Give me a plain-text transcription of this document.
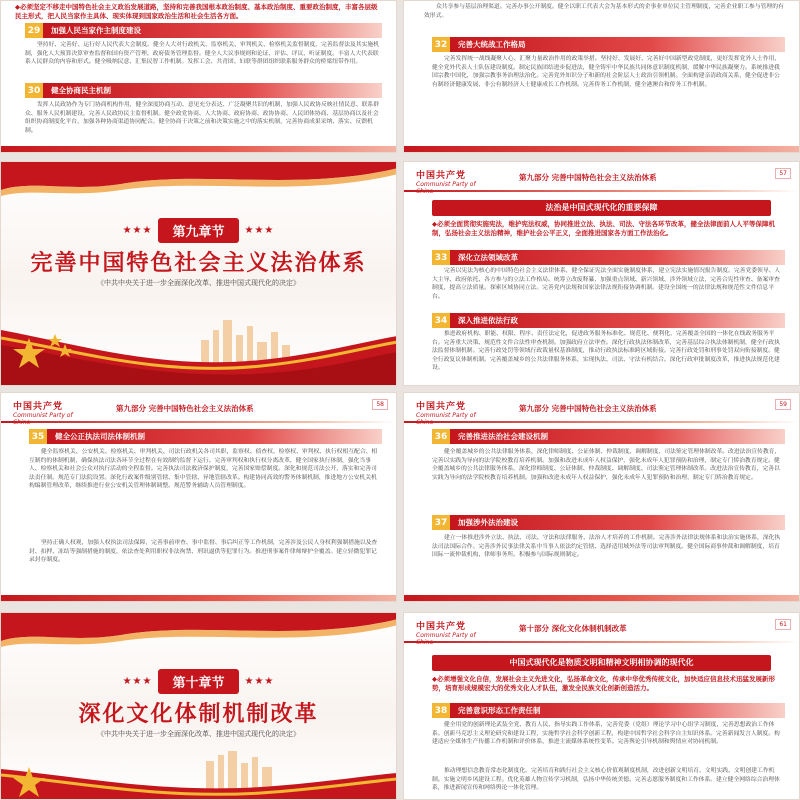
◆必须坚定不移走中国特色社会主义政治发展道路，坚持和完善我国根本政治制度、基本政治制度、重要政治制度，丰富各层级民主形式，把人民当家作主具体、现实体现到国家政治生活和社会生活各方面。
29	加强人民当家作主制度建设
坚持好、完善好、运行好人民代表大会制度。健全人大对行政机关、监察机关、审判机关、检察机关监督制度，完善监督法及其实施机制，强化人大预算决算审查监督和国有资产管理、政府债务管理监督。健全人大议事规则和论证、评估、评议、听证制度。丰富人大代表联系人民群众的内容和形式。健全吸纳民意、汇集民智工作机制。发挥工会、共青团、妇联等群团组织联系服务群众的桥梁纽带作用。
30	健全协商民主机制
发挥人民政协作为专门协商机构作用，健全深度协商互动、意见充分表达、广泛凝聚共识的机制，加强人民政协反映社情民意、联系群众、服务人民机制建设，完善人民政协民主监督机制。健全政党协商、人大协商、政府协商、政协协商、人民团体协商、基层协商以及社会组织协商制度化平台，加强各种协商渠道协同配合。健全协商于决策之前和决策实施之中的落实机制，完善协商成果采纳、落实、反馈机制。
众共享参与基层治理渠道。完善办事公开制度。健全以职工代表大会为基本形式的企事业单位民主管理制度，完善企业职工参与管理的有效形式。
32	完善大统战工作格局
完善发挥统一战线凝聚人心、汇聚力量政治作用的政策举措。坚持好、发展好、完善好中国新型政党制度，更好发挥党外人士作用，健全党外代表人士队伍建设制度。制定民族团结进步促进法，健全铸牢中华民族共同体意识制度机制，缓解中华民族凝聚力。系统推进我国宗教中国化，加强宗教事务治理法治化。完善党外知识分子和新的社会阶层人士政治引领机制。全面构建亲清政商关系，健全促进非公有制经济健康发展、非公有制经济人士健康成长工作机制。完善侨务工作机制，健全港澳台和侨务工作机制。
★★★	第九章节	★★★
完善中国特色社会主义法治体系
《中共中央关于进一步全面深化改革、推进中国式现代化的决定》
中国共产党
Communist Party of
第九部分 完善中国特色社会主义法治体系	57
法治是中国式现代化的重要保障
◆必须全面贯彻实施宪法，维护宪法权威，协同推进立法、执法、司法、守法各环节改革，健全法律面前人人平等保障机制，弘扬社会主义法治精神，维护社会公平正义，全面推进国家各方面工作法治化。
33	深化立法领域改革
完善以宪法为核心的中国特色社会主义法律体系，健全保证宪法全面实施制度体系，建立宪法实施情况报告制度。完善党委领导、人大主导、政府依托、各方参与的立法工作格局。统筹立改废释纂，加强重点领域、新兴领域、涉外领域立法，完善合宪性审查、备案审查制度，提高立法质量。探索区域协同立法。完善党内法规和国家法律法规衔接协调机制。建设全国统一的法律法规和规范性文件信息平台。
34	深入推进依法行政
推进政府机构、职能、权限、程序、责任法定化，促进政务服务标准化、规范化、便利化，完善覆盖全国的一体化在线政务服务平台。完善重大决策、规范性文件合法性审查机制。加强政府立法审查。深化行政执法体制改革，完善基层综合执法体制机制，健全行政执法监督体制机制。完善行政处罚等领域行政裁量权基准制度，推动行政执法标准跨区域衔接。完善行政处罚和刑事处罚双向衔接制度。健全行政复议体制机制。完善覆盖城乡的公共法律服务体系，实现执法、司法、守法有机结合。深化行政审批制度改革，推进执法规范化建设。
中国共产党
Communist Party of
第九部分 完善中国特色社会主义法治体系	58
35	健全公正执法司法体制机制
健全监察机关、公安机关、检察机关、审判机关、司法行政机关各司其职，监察权、侦查权、检察权、审判权、执行权相互配合、相互制约的体制机制，确保执法司法各环节全过程在有效制约监督下运行。完善审判权和执行权分离改革，健全国家执行体制，强化当事人、检察机关和社会公众对执行活动的全程监督。完善执法司法救济保护制度，完善国家赔偿制度。深化和规范司法公开，落实和完善司法责任制。规范专门法院设置。深化行政案件级别管辖、集中管辖、异地管辖改革。构建协同高效的警务体制机制，推进地方公安机关机构编制管理改革，继续推进行业公安机关管理体制调整。规范警务辅助人员管理制度。
坚持正确人权观，加强人权执法司法保障，完善事前审查、事中监督、事后纠正等工作机制，完善涉及公民人身权利强制措施以及查封、扣押、冻结等强制措施的制度，依法查处利用职权非法拘禁、刑讯逼供等犯罪行为。推进刑事案件律师辩护全覆盖。建立轻微犯罪记录封存制度。
中国共产党
Communist Party of
第九部分 完善中国特色社会主义法治体系	59
36	完善推进法治社会建设机制
健全覆盖城乡的公共法律服务体系，深化律师制度、公证体制、仲裁制度、调解制度、司法鉴定管理体制改革。改进法治宣传教育，完善以实践为导向的法学院校教育培养机制。加强和改进未成年人权益保护，强化未成年人犯罪预防和治理，制定专门矫治教育规定。健全覆盖城乡的公共法律服务体系，深化律师制度、公证体制、仲裁制度、调解制度、司法鉴定管理体制改革。改进法治宣传教育，完善以实践为导向的法学院校教育培养机制。加强和改进未成年人权益保护，强化未成年人犯罪预防和治理，制定专门矫治教育规定。
37	加强涉外法治建设
建立一体推进涉外立法、执法、司法、守法和法律服务、法治人才培养的工作机制。完善涉外法律法规体系和法治实施体系，深化执法司法国际合作。完善涉外民事法律关系中当事人依法约定管辖、选择适用域外法等司法审判制度。健全国际商事仲裁和调解制度，培育国际一流仲裁机构、律师事务所。积极参与国际规则制定。
★★★	第十章节	★★★
深化文化体制机制改革
《中共中央关于进一步全面深化改革、推进中国式现代化的决定》
中国共产党
Communist Party of
第十部分 深化文化体制机制改革	61
中国式现代化是物质文明和精神文明相协调的现代化
◆必须增强文化自信，发展社会主义先进文化，弘扬革命文化，传承中华优秀传统文化，加快适应信息技术迅猛发展新形势，培育形成规模宏大的优秀文化人才队伍，激发全民族文化创新创造活力。
38	完善意识形态工作责任制
健全用党的创新理论武装全党、教育人民、指导实践工作体系，完善党委（党组）理论学习中心组学习制度，完善思想政治工作体系。创新马克思主义理论研究和建设工程，实施哲学社会科学创新工程，构建中国哲学社会科学自主知识体系。完善新闻发言人制度。构建适应全媒体生产传播工作机制和评价体系，推进主流媒体系统性变革。完善舆论引导机制和舆情应对协同机制。
推动理想信念教育常态化制度化。完善培育和践行社会主义核心价值观制度机制，改进创新文明培育、文明实践、文明创建工作机制。实施文明乡风建设工程。优化英雄人物宣传学习机制，弘扬中华传统美德。完善志愿服务制度和工作体系。建立健全网络综合治理体系，推进新闻宣传和网络舆论一体化管理。
